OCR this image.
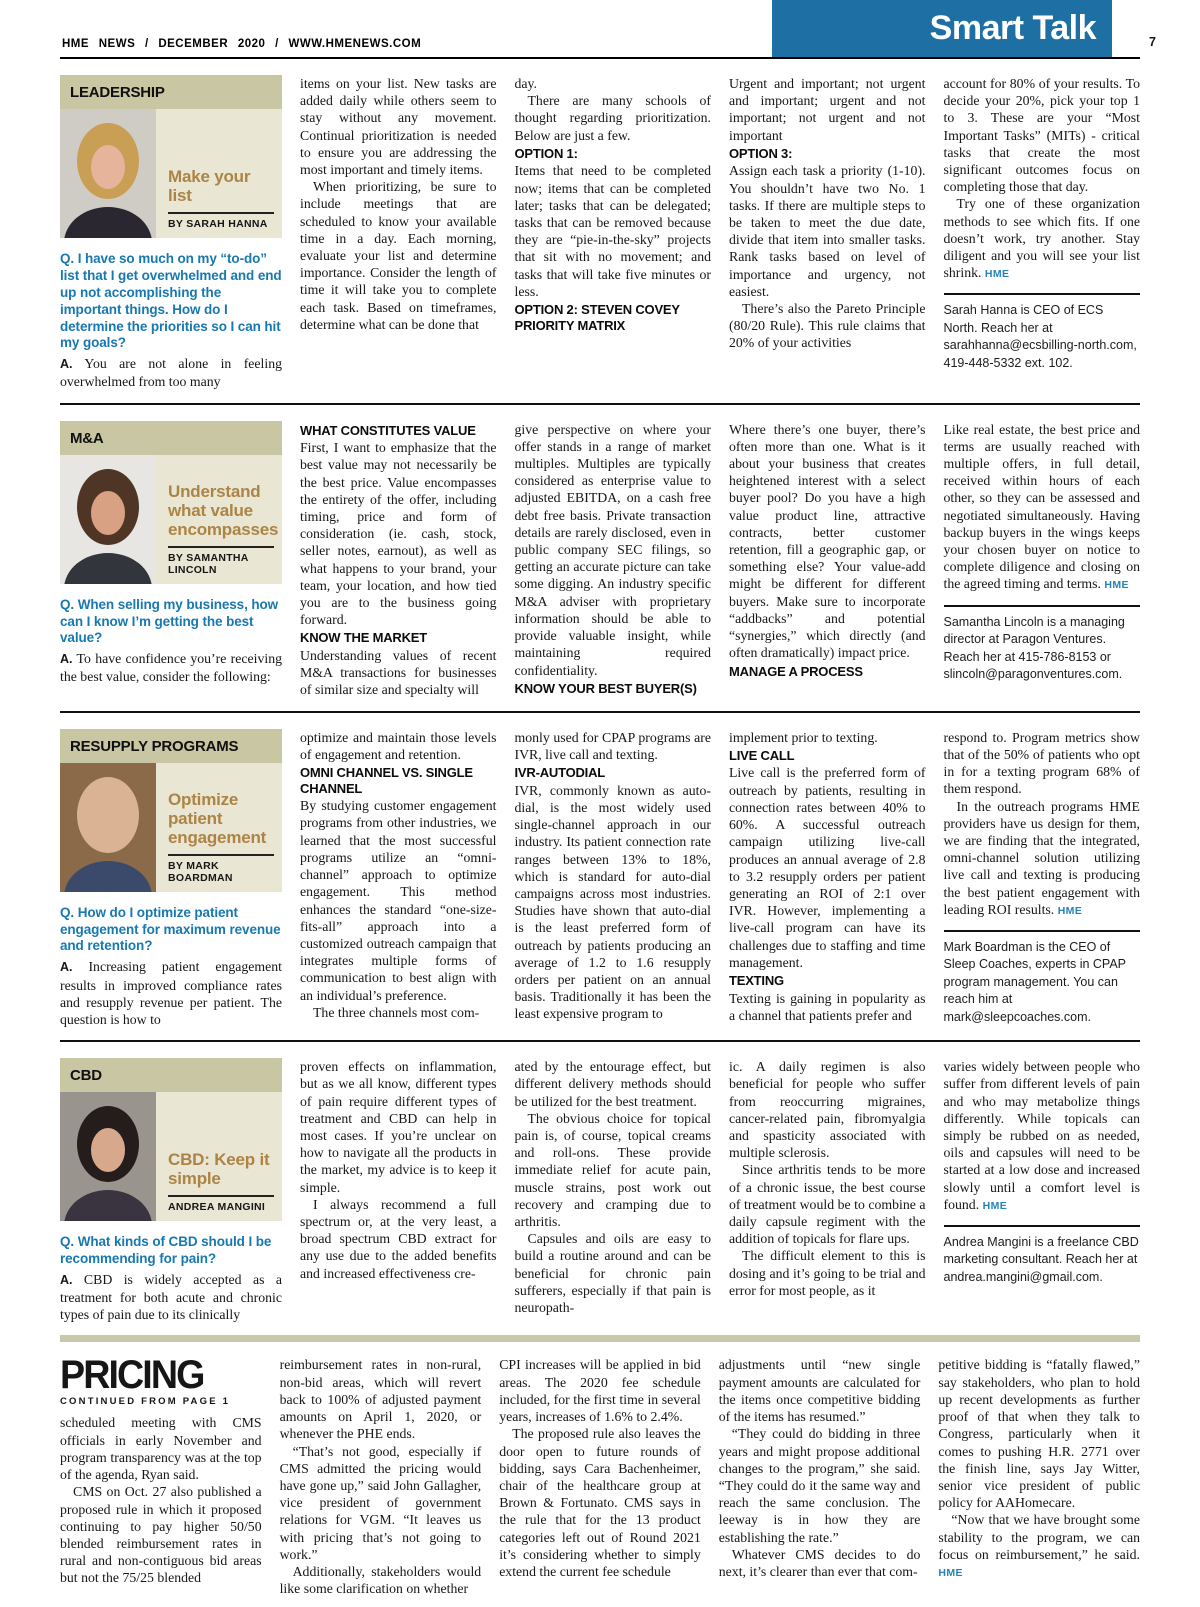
HME NEWS / DECEMBER 2020 / WWW.HMENEWS.COM	Smart Talk	7
LEADERSHIP
Make your list
BY SARAH HANNA

Q. I have so much on my “to-do” list that I get overwhelmed and end up not accomplishing the important things. How do I determine the priorities so I can hit my goals?

A. You are not alone in feeling overwhelmed from too many

items on your list. New tasks are added daily while others seem to stay without any movement. Continual prioritization is needed to ensure you are addressing the most important and timely items.

When prioritizing, be sure to include meetings that are scheduled to know your available time in a day. Each morning, evaluate your list and determine importance. Consider the length of time it will take you to complete each task. Based on timeframes, determine what can be done that

day.

There are many schools of thought regarding prioritization. Below are just a few.

OPTION 1:

Items that need to be completed now; items that can be completed later; tasks that can be delegated; tasks that can be removed because they are “pie-in-the-sky” projects that sit with no movement; and tasks that will take five minutes or less.

OPTION 2: STEVEN COVEY PRIORITY MATRIX

Urgent and important; not urgent and important; urgent and not important; not urgent and not important

OPTION 3:

Assign each task a priority (1-10). You shouldn’t have two No. 1 tasks. If there are multiple steps to be taken to meet the due date, divide that item into smaller tasks. Rank tasks based on level of importance and urgency, not easiest.

There’s also the Pareto Principle (80/20 Rule). This rule claims that 20% of your activities

account for 80% of your results. To decide your 20%, pick your top 1 to 3. These are your “Most Important Tasks” (MITs) - critical tasks that create the most significant outcomes focus on completing those that day.

Try one of these organization methods to see which fits. If one doesn’t work, try another. Stay diligent and you will see your list shrink. HME

Sarah Hanna is CEO of ECS North. Reach her at sarahhanna@ecsbilling-north.com, 419-448-5332 ext. 102.
M&A
Understand what value encompasses
BY SAMANTHA LINCOLN

Q. When selling my business, how can I know I’m getting the best value?

A. To have confidence you’re receiving the best value, consider the following:

WHAT CONSTITUTES VALUE

First, I want to emphasize that the best value may not necessarily be the best price. Value encompasses the entirety of the offer, including timing, price and form of consideration (ie. cash, stock, seller notes, earnout), as well as what happens to your brand, your team, your location, and how tied you are to the business going forward.

KNOW THE MARKET

Understanding values of recent M&A transactions for businesses of similar size and specialty will

give perspective on where your offer stands in a range of market multiples. Multiples are typically considered as enterprise value to adjusted EBITDA, on a cash free debt free basis. Private transaction details are rarely disclosed, even in public company SEC filings, so getting an accurate picture can take some digging. An industry specific M&A adviser with proprietary information should be able to provide valuable insight, while maintaining required confidentiality.

KNOW YOUR BEST BUYER(S)

Where there’s one buyer, there’s often more than one. What is it about your business that creates heightened interest with a select buyer pool? Do you have a high value product line, attractive contracts, better customer retention, fill a geographic gap, or something else? Your value-add might be different for different buyers. Make sure to incorporate “addbacks” and potential “synergies,” which directly (and often dramatically) impact price.

MANAGE A PROCESS

Like real estate, the best price and terms are usually reached with multiple offers, in full detail, received within hours of each other, so they can be assessed and negotiated simultaneously. Having backup buyers in the wings keeps your chosen buyer on notice to complete diligence and closing on the agreed timing and terms. HME

Samantha Lincoln is a managing director at Paragon Ventures. Reach her at 415-786-8153 or slincoln@paragonventures.com.
RESUPPLY PROGRAMS
Optimize patient engagement
BY MARK BOARDMAN

Q. How do I optimize patient engagement for maximum revenue and retention?

A. Increasing patient engagement results in improved compliance rates and resupply revenue per patient. The question is how to

optimize and maintain those levels of engagement and retention.

OMNI CHANNEL VS. SINGLE CHANNEL

By studying customer engagement programs from other industries, we learned that the most successful programs utilize an “omni-channel” approach to optimize engagement. This method enhances the standard “one-size-fits-all” approach into a customized outreach campaign that integrates multiple forms of communication to best align with an individual’s preference.

The three channels most com-

monly used for CPAP programs are IVR, live call and texting.

IVR-AUTODIAL

IVR, commonly known as auto-dial, is the most widely used single-channel approach in our industry. Its patient connection rate ranges between 13% to 18%, which is standard for auto-dial campaigns across most industries. Studies have shown that auto-dial is the least preferred form of outreach by patients producing an average of 1.2 to 1.6 resupply orders per patient on an annual basis. Traditionally it has been the least expensive program to

implement prior to texting.

LIVE CALL

Live call is the preferred form of outreach by patients, resulting in connection rates between 40% to 60%. A successful outreach campaign utilizing live-call produces an annual average of 2.8 to 3.2 resupply orders per patient generating an ROI of 2:1 over IVR. However, implementing a live-call program can have its challenges due to staffing and time management.

TEXTING

Texting is gaining in popularity as a channel that patients prefer and

respond to. Program metrics show that of the 50% of patients who opt in for a texting program 68% of them respond.

In the outreach programs HME providers have us design for them, we are finding that the integrated, omni-channel solution utilizing live call and texting is producing the best patient engagement with leading ROI results. HME

Mark Boardman is the CEO of Sleep Coaches, experts in CPAP program management. You can reach him at mark@sleepcoaches.com.
CBD
CBD: Keep it simple
ANDREA MANGINI

Q. What kinds of CBD should I be recommending for pain?

A. CBD is widely accepted as a treatment for both acute and chronic types of pain due to its clinically

proven effects on inflammation, but as we all know, different types of pain require different types of treatment and CBD can help in most cases. If you’re unclear on how to navigate all the products in the market, my advice is to keep it simple.

I always recommend a full spectrum or, at the very least, a broad spectrum CBD extract for any use due to the added benefits and increased effectiveness cre-

ated by the entourage effect, but different delivery methods should be utilized for the best treatment.

The obvious choice for topical pain is, of course, topical creams and roll-ons. These provide immediate relief for acute pain, muscle strains, post work out recovery and cramping due to arthritis.

Capsules and oils are easy to build a routine around and can be beneficial for chronic pain sufferers, especially if that pain is neuropath-

ic. A daily regimen is also beneficial for people who suffer from reoccurring migraines, cancer-related pain, fibromyalgia and spasticity associated with multiple sclerosis.

Since arthritis tends to be more of a chronic issue, the best course of treatment would be to combine a daily capsule regiment with the addition of topicals for flare ups.

The difficult element to this is dosing and it’s going to be trial and error for most people, as it

varies widely between people who suffer from different levels of pain and who may metabolize things differently. While topicals can simply be rubbed on as needed, oils and capsules will need to be started at a low dose and increased slowly until a comfort level is found. HME

Andrea Mangini is a freelance CBD marketing consultant. Reach her at andrea.mangini@gmail.com.
PRICING
CONTINUED FROM PAGE 1

scheduled meeting with CMS officials in early November and program transparency was at the top of the agenda, Ryan said.

CMS on Oct. 27 also published a proposed rule in which it proposed continuing to pay higher 50/50 blended reimbursement rates in rural and non-contiguous bid areas but not the 75/25 blended

reimbursement rates in non-rural, non-bid areas, which will revert back to 100% of adjusted payment amounts on April 1, 2020, or whenever the PHE ends.

“That’s not good, especially if CMS admitted the pricing would have gone up,” said John Gallagher, vice president of government relations for VGM. “It leaves us with pricing that’s not going to work.”

Additionally, stakeholders would like some clarification on whether

CPI increases will be applied in bid areas. The 2020 fee schedule included, for the first time in several years, increases of 1.6% to 2.4%.

The proposed rule also leaves the door open to future rounds of bidding, says Cara Bachenheimer, chair of the healthcare group at Brown & Fortunato. CMS says in the rule that for the 13 product categories left out of Round 2021 it’s considering whether to simply extend the current fee schedule

adjustments until “new single payment amounts are calculated for the items once competitive bidding of the items has resumed.”

“They could do bidding in three years and might propose additional changes to the program,” she said. “They could do it the same way and reach the same conclusion. The leeway is in how they are establishing the rate.”

Whatever CMS decides to do next, it’s clearer than ever that com-

petitive bidding is “fatally flawed,” say stakeholders, who plan to hold up recent developments as further proof of that when they talk to Congress, particularly when it comes to pushing H.R. 2771 over the finish line, says Jay Witter, senior vice president of public policy for AAHomecare.

“Now that we have brought some stability to the program, we can focus on reimbursement,” he said. HME
